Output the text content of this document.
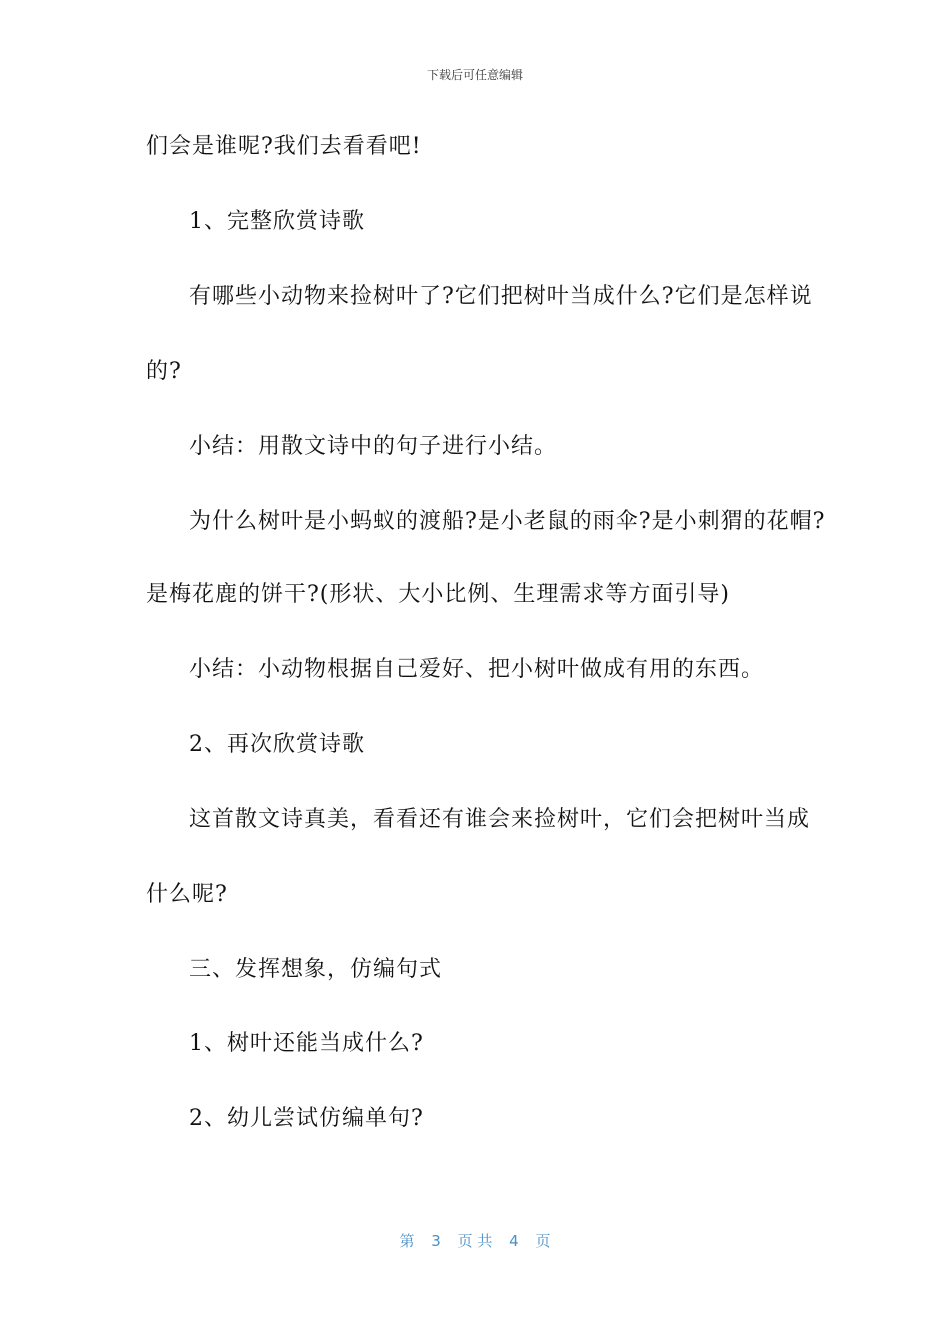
下载后可任意编辑
们会是谁呢?我们去看看吧!
1、完整欣赏诗歌
有哪些小动物来捡树叶了?它们把树叶当成什么?它们是怎样说
的?
小结：用散文诗中的句子进行小结。
为什么树叶是小蚂蚁的渡船?是小老鼠的雨伞?是小刺猬的花帽?
是梅花鹿的饼干?(形状、大小比例、生理需求等方面引导)
小结：小动物根据自己爱好、把小树叶做成有用的东西。
2、再次欣赏诗歌
这首散文诗真美，看看还有谁会来捡树叶，它们会把树叶当成
什么呢?
三、发挥想象，仿编句式
1、树叶还能当成什么?
2、幼儿尝试仿编单句?
第 3 页 共 4 页
